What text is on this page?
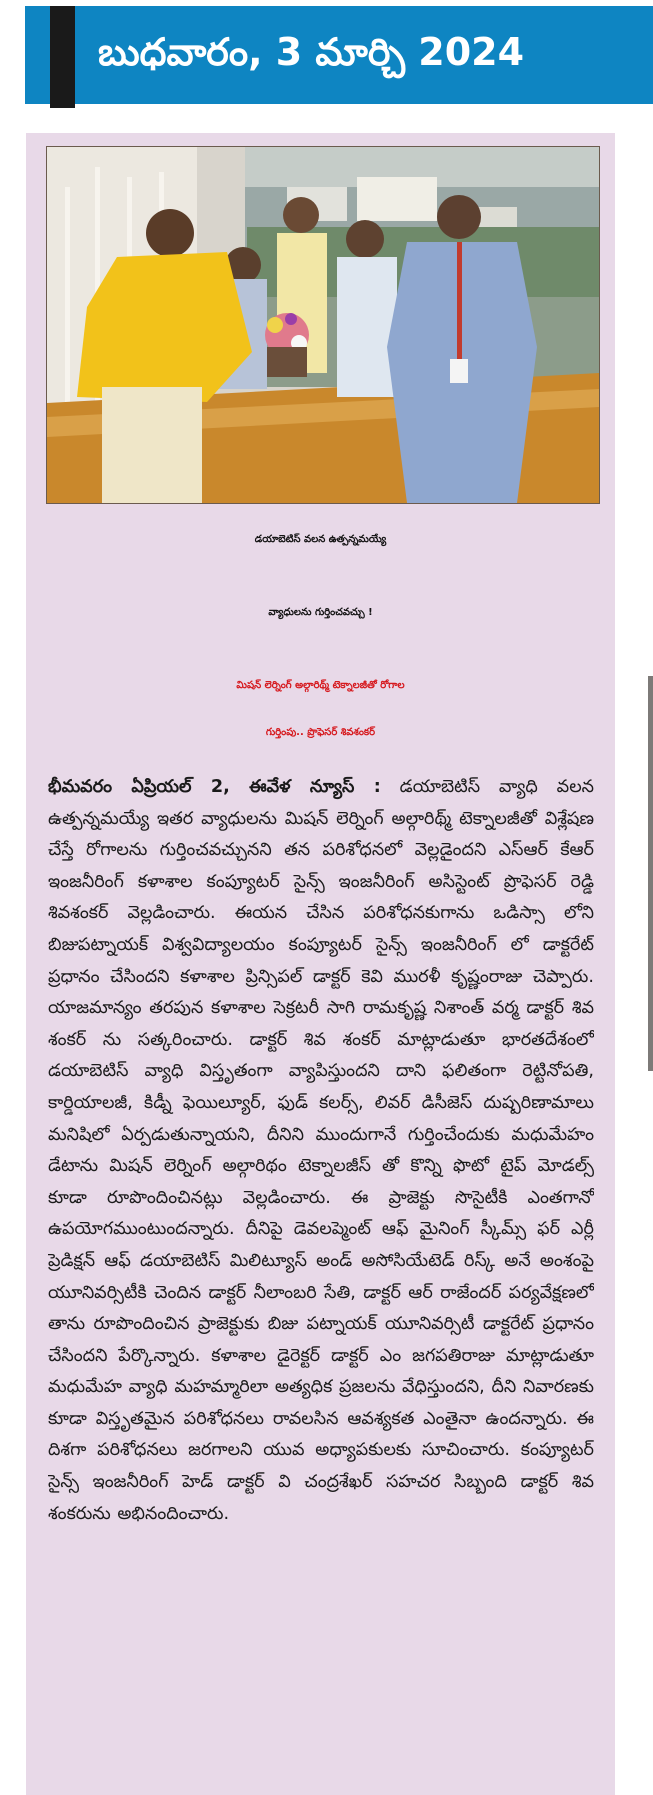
బుధవారం, 3 మార్చి 2024
డయాబెటిస్ వలన ఉత్పన్నమయ్యే
వ్యాధులను గుర్తించవచ్చు !
మిషన్ లెర్నింగ్ అల్గారిథ్మ్ టెక్నాలజీతో రోగాల
గుర్తింపు.. ప్రొఫెసర్ శివశంకర్

భీమవరం ఏప్రియల్ 2, ఈవేళ న్యూస్ : డయాబెటిస్ వ్యాధి వలన ఉత్పన్నమయ్యే ఇతర వ్యాధులను మిషన్ లెర్నింగ్ అల్గారిథ్మ్ టెక్నాలజీతో విశ్లేషణ చేస్తే రోగాలను గుర్తించవచ్చునని తన పరిశోధనలో వెల్లడైందని ఎస్ఆర్ కేఆర్ ఇంజనీరింగ్ కళాశాల కంప్యూటర్ సైన్స్ ఇంజనీరింగ్ అసిస్టెంట్ ప్రొఫెసర్ రెడ్డి శివశంకర్ వెల్లడించారు. ఈయన చేసిన పరిశోధనకుగాను ఒడిస్సా లోని బిజుపట్నాయక్ విశ్వవిద్యాలయం కంప్యూటర్ సైన్స్ ఇంజనీరింగ్ లో డాక్టరేట్ ప్రధానం చేసిందని కళాశాల ప్రిన్సిపల్ డాక్టర్ కెవి మురళీ కృష్ణంరాజు చెప్పారు. యాజమాన్యం తరపున కళాశాల సెక్రటరీ సాగి రామకృష్ణ నిశాంత్ వర్మ డాక్టర్ శివ శంకర్ ను సత్కరించారు. డాక్టర్ శివ శంకర్ మాట్లాడుతూ భారతదేశంలో డయాబెటిస్ వ్యాధి విస్తృతంగా వ్యాపిస్తుందని దాని ఫలితంగా రెట్టినోపతి, కార్డియాలజీ, కిడ్నీ ఫెయిల్యూర్, ఫుడ్ కలర్స్, లివర్ డిసీజెస్ దుష్పరిణామాలు మనిషిలో ఏర్పడుతున్నాయని, దీనిని ముందుగానే గుర్తించేందుకు మధుమేహం డేటాను మిషన్ లెర్నింగ్ అల్గారిథం టెక్నాలజీస్ తో కొన్ని ఫొటో టైప్ మోడల్స్ కూడా రూపొందించినట్లు వెల్లడించారు. ఈ ప్రాజెక్టు సొసైటీకి ఎంతగానో ఉపయోగముంటుందన్నారు. దీనిపై డెవలప్మెంట్ ఆఫ్ మైనింగ్ స్కీమ్స్ ఫర్ ఎర్లీ ప్రెడిక్షన్ ఆఫ్ డయాబెటిస్ మిలిట్యూస్ అండ్ అసోసియేటెడ్ రిస్క్ అనే అంశంపై యూనివర్సిటీకి చెందిన డాక్టర్ నీలాంబరి సేతి, డాక్టర్ ఆర్ రాజేందర్ పర్యవేక్షణలో తాను రూపొందించిన ప్రాజెక్టుకు బిజు పట్నాయక్ యూనివర్సిటీ డాక్టరేట్ ప్రధానం చేసిందని పేర్కొన్నారు. కళాశాల డైరెక్టర్ డాక్టర్ ఎం జగపతిరాజు మాట్లాడుతూ మధుమేహ వ్యాధి మహమ్మారిలా అత్యధిక ప్రజలను వేధిస్తుందని, దీని నివారణకు కూడా విస్తృతమైన పరిశోధనలు రావలసిన ఆవశ్యకత ఎంతైనా ఉందన్నారు. ఈ దిశగా పరిశోధనలు జరగాలని యువ అధ్యాపకులకు సూచించారు. కంప్యూటర్ సైన్స్ ఇంజనీరింగ్ హెడ్ డాక్టర్ వి చంద్రశేఖర్ సహచర సిబ్బంది డాక్టర్ శివ శంకరును అభినందించారు.
